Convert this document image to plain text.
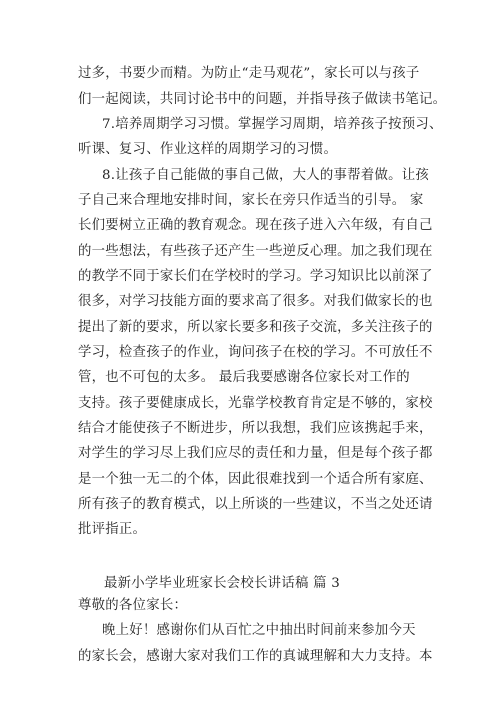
过多，书要少而精。为防止“走马观花”，家长可以与孩子
们一起阅读，共同讨论书中的问题，并指导孩子做读书笔记。
7.培养周期学习习惯。掌握学习周期，培养孩子按预习、
听课、复习、作业这样的周期学习的习惯。
8.让孩子自己能做的事自己做，大人的事帮着做。让孩
子自己来合理地安排时间，家长在旁只作适当的引导。 家
长们要树立正确的教育观念。现在孩子进入六年级，有自己
的一些想法，有些孩子还产生一些逆反心理。加之我们现在
的教学不同于家长们在学校时的学习。学习知识比以前深了
很多，对学习技能方面的要求高了很多。对我们做家长的也
提出了新的要求，所以家长要多和孩子交流，多关注孩子的
学习，检查孩子的作业，询问孩子在校的学习。不可放任不
管，也不可包的太多。 最后我要感谢各位家长对工作的
支持。孩子要健康成长，光靠学校教育肯定是不够的，家校
结合才能使孩子不断进步，所以我想，我们应该携起手来，
对学生的学习尽上我们应尽的责任和力量，但是每个孩子都
是一个独一无二的个体，因此很难找到一个适合所有家庭、
所有孩子的教育模式，以上所谈的一些建议，不当之处还请
批评指正。
最新小学毕业班家长会校长讲话稿 篇 3
尊敬的各位家长：
晚上好！感谢你们从百忙之中抽出时间前来参加今天
的家长会，感谢大家对我们工作的真诚理解和大力支持。本
